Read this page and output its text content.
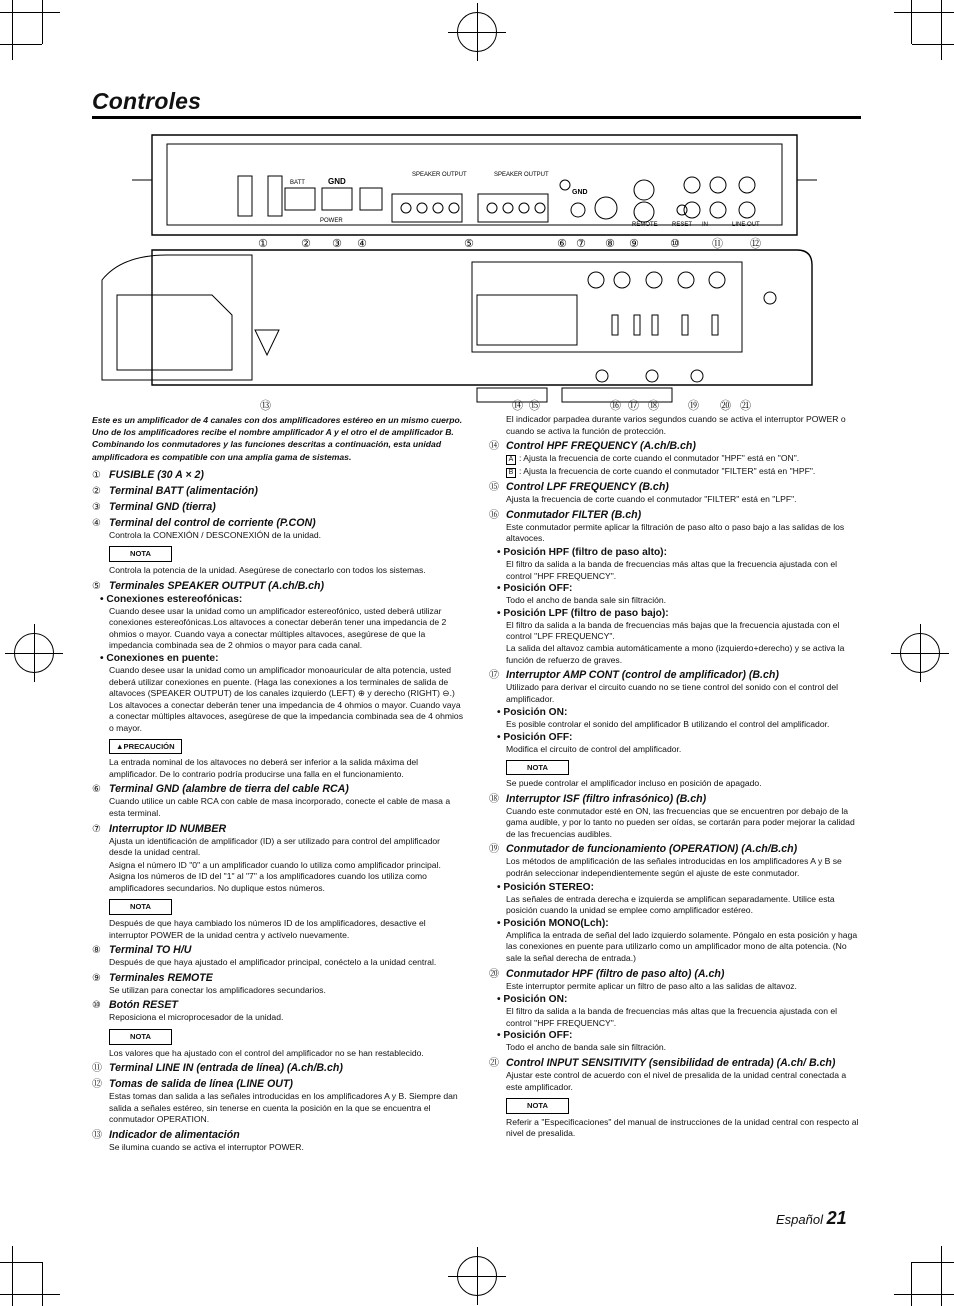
Controles
BATT	GND
SPEAKER OUTPUT	SPEAKER OUTPUT
GND
REMOTE RESET IN	LINE OUT
POWER
①	② ③ ④	⑤	⑥ ⑦ ⑧ ⑨	⑩	⑪ ⑫
⑬	⑭ ⑮	⑯ ⑰ ⑱	⑲ ⑳ ㉑
Este es un amplificador de 4 canales con dos amplificadores estéreo en un mismo cuerpo. Uno de los amplificadores recibe el nombre amplificador A y el otro el de amplificador B. Combinando los conmutadores y las funciones descritas a continuación, esta unidad amplificadora es compatible con una amplia gama de sistemas.
① FUSIBLE (30 A × 2)
② Terminal BATT (alimentación)
③ Terminal GND (tierra)
④ Terminal del control de corriente (P.CON)
Controla la CONEXIÓN / DESCONEXIÓN de la unidad.
NOTA
Controla la potencia de la unidad. Asegúrese de conectarlo con todos los sistemas.
⑤ Terminales SPEAKER OUTPUT (A.ch/B.ch)
• Conexiones estereofónicas:
Cuando desee usar la unidad como un amplificador estereofónico, usted deberá utilizar conexiones estereofónicas.Los altavoces a conectar deberán tener una impedancia de 2 ohmios o mayor. Cuando vaya a conectar múltiples altavoces, asegúrese de que la impedancia combinada sea de 2 ohmios o mayor para cada canal.
• Conexiones en puente:
Cuando desee usar la unidad como un amplificador monoauricular de alta potencia, usted deberá utilizar conexiones en puente. (Haga las conexiones a los terminales de salida de altavoces (SPEAKER OUTPUT) de los canales izquierdo (LEFT) ⊕ y derecho (RIGHT) ⊖.)
Los altavoces a conectar deberán tener una impedancia de 4 ohmios o mayor. Cuando vaya a conectar múltiples altavoces, asegúrese de que la impedancia combinada sea de 4 ohmios o mayor.
▲PRECAUCIÓN
La entrada nominal de los altavoces no deberá ser inferior a la salida máxima del amplificador. De lo contrario podría producirse una falla en el funcionamiento.
⑥ Terminal GND (alambre de tierra del cable RCA)
Cuando utilice un cable RCA con cable de masa incorporado, conecte el cable de masa a esta terminal.
⑦ Interruptor ID NUMBER
Ajusta un identificación de amplificador (ID) a ser utilizado para control del amplificador desde la unidad central.
Asigna el número ID "0" a un amplificador cuando lo utiliza como amplificador principal. Asigna los números de ID del "1" al "7" a los amplificadores cuando los utiliza como amplificadores secundarios. No duplique estos números.
NOTA
Después de que haya cambiado los números ID de los amplificadores, desactive el interruptor POWER de la unidad centra y actívelo nuevamente.
⑧ Terminal TO H/U
Después de que haya ajustado el amplificador principal, conéctelo a la unidad central.
⑨ Terminales REMOTE
Se utilizan para conectar los amplificadores secundarios.
⑩ Botón RESET
Reposiciona el microprocesador de la unidad.
NOTA
Los valores que ha ajustado con el control del amplificador no se han restablecido.
⑪ Terminal LINE IN (entrada de línea) (A.ch/B.ch)
⑫ Tomas de salida de línea (LINE OUT)
Estas tomas dan salida a las señales introducidas en los amplificadores A y B. Siempre dan salida a señales estéreo, sin tenerse en cuenta la posición en la que se encuentra el conmutador OPERATION.
⑬ Indicador de alimentación
Se ilumina cuando se activa el interruptor POWER.
El indicador parpadea durante varios segundos cuando se activa el interruptor POWER o cuando se activa la función de protección.
⑭ Control HPF FREQUENCY (A.ch/B.ch)
A : Ajusta la frecuencia de corte cuando el conmutador "HPF" está en "ON".
B : Ajusta la frecuencia de corte cuando el conmutador "FILTER" está en "HPF".
⑮ Control LPF FREQUENCY (B.ch)
Ajusta la frecuencia de corte cuando el conmutador "FILTER" está en "LPF".
⑯ Conmutador FILTER (B.ch)
Este conmutador permite aplicar la filtración de paso alto o paso bajo a las salidas de los altavoces.
• Posición HPF (filtro de paso alto):
El filtro da salida a la banda de frecuencias más altas que la frecuencia ajustada con el control "HPF FREQUENCY".
• Posición OFF:
Todo el ancho de banda sale sin filtración.
• Posición LPF (filtro de paso bajo):
El filtro da salida a la banda de frecuencias más bajas que la frecuencia ajustada con el control "LPF FREQUENCY".
La salida del altavoz cambia automáticamente a mono (izquierdo+derecho) y se activa la función de refuerzo de graves.
⑰ Interruptor AMP CONT (control de amplificador) (B.ch)
Utilizado para derivar el circuito cuando no se tiene control del sonido con el control del amplificador.
• Posición ON:
Es posible controlar el sonido del amplificador B utilizando el control del amplificador.
• Posición OFF:
Modifica el circuito de control del amplificador.
NOTA
Se puede controlar el amplificador incluso en posición de apagado.
⑱ Interruptor ISF (filtro infrasónico) (B.ch)
Cuando este conmutador esté en ON, las frecuencias que se encuentren por debajo de la gama audible, y por lo tanto no pueden ser oídas, se cortarán para poder mejorar la calidad de las frecuencias audibles.
⑲ Conmutador de funcionamiento (OPERATION) (A.ch/B.ch)
Los métodos de amplificación de las señales introducidas en los amplificadores A y B se podrán seleccionar independientemente según el ajuste de este conmutador.
• Posición STEREO:
Las señales de entrada derecha e izquierda se amplifican separadamente. Utilice esta posición cuando la unidad se emplee como amplificador estéreo.
• Posición MONO(Lch):
Amplifica la entrada de señal del lado izquierdo solamente. Póngalo en esta posición y haga las conexiones en puente para utilizarlo como un amplificador mono de alta potencia. (No sale la señal derecha de entrada.)
⑳ Conmutador HPF (filtro de paso alto) (A.ch)
Este interruptor permite aplicar un filtro de paso alto a las salidas de altavoz.
• Posición ON:
El filtro da salida a la banda de frecuencias más altas que la frecuencia ajustada con el control "HPF FREQUENCY".
• Posición OFF:
Todo el ancho de banda sale sin filtración.
㉑ Control INPUT SENSITIVITY (sensibilidad de entrada) (A.ch/ B.ch)
Ajustar este control de acuerdo con el nivel de presalida de la unidad central conectada a este amplificador.
NOTA
Referir a "Especificaciones" del manual de instrucciones de la unidad central con respecto al nivel de presalida.
Español 21
